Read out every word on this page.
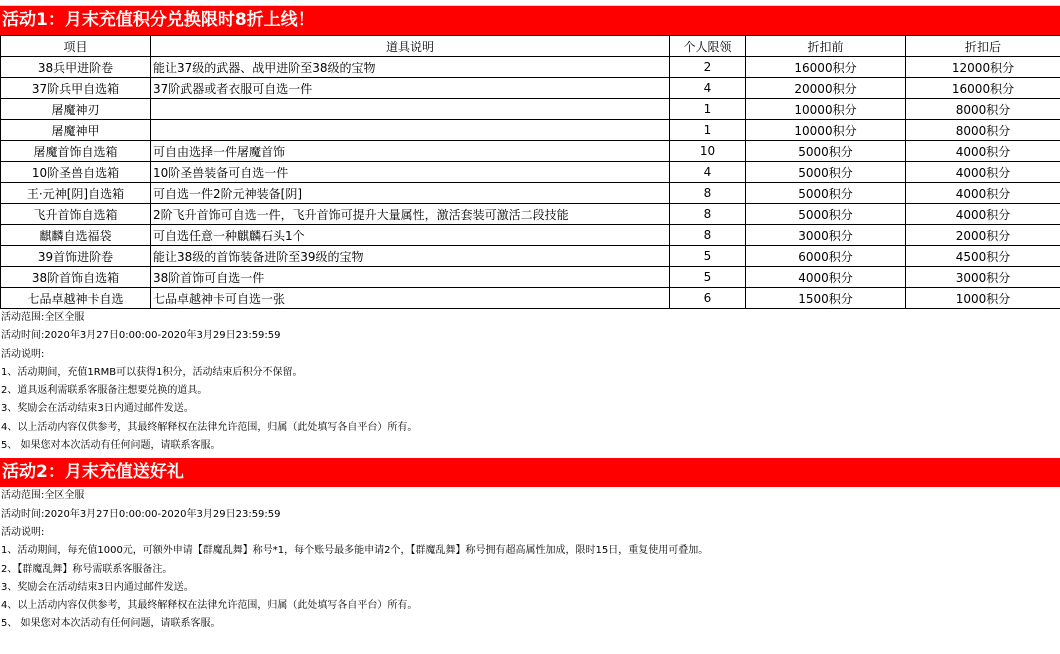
活动1：月末充值积分兑换限时8折上线！
项目	道具说明	个人限领	折扣前	折扣后
38兵甲进阶卷	能让37级的武器、战甲进阶至38级的宝物	2	16000积分	12000积分
37阶兵甲自选箱	37阶武器或者衣服可自选一件	4	20000积分	16000积分
屠魔神刃		1	10000积分	8000积分
屠魔神甲		1	10000积分	8000积分
屠魔首饰自选箱	可自由选择一件屠魔首饰	10	5000积分	4000积分
10阶圣兽自选箱	10阶圣兽装备可自选一件	4	5000积分	4000积分
王·元神[阴]自选箱	可自选一件2阶元神装备[阴]	8	5000积分	4000积分
飞升首饰自选箱	2阶飞升首饰可自选一件，飞升首饰可提升大量属性，激活套装可激活二段技能	8	5000积分	4000积分
麒麟自选福袋	可自选任意一种麒麟石头1个	8	3000积分	2000积分
39首饰进阶卷	能让38级的首饰装备进阶至39级的宝物	5	6000积分	4500积分
38阶首饰自选箱	38阶首饰可自选一件	5	4000积分	3000积分
七品卓越神卡自选	七品卓越神卡可自选一张	6	1500积分	1000积分
活动范围:全区全服
活动时间:2020年3月27日0:00:00-2020年3月29日23:59:59
活动说明:
1、活动期间，充值1RMB可以获得1积分，活动结束后积分不保留。
2、道具返利需联系客服备注想要兑换的道具。
3、奖励会在活动结束3日内通过邮件发送。
4、以上活动内容仅供参考，其最终解释权在法律允许范围，归属（此处填写各自平台）所有。
5、 如果您对本次活动有任何问题，请联系客服。
活动2：月末充值送好礼
活动范围:全区全服
活动时间:2020年3月27日0:00:00-2020年3月29日23:59:59
活动说明:
1、活动期间，每充值1000元，可额外申请【群魔乱舞】称号*1，每个账号最多能申请2个，【群魔乱舞】称号拥有超高属性加成，限时15日，重复使用可叠加。
2、【群魔乱舞】称号需联系客服备注。
3、奖励会在活动结束3日内通过邮件发送。
4、以上活动内容仅供参考，其最终解释权在法律允许范围，归属（此处填写各自平台）所有。
5、 如果您对本次活动有任何问题，请联系客服。
